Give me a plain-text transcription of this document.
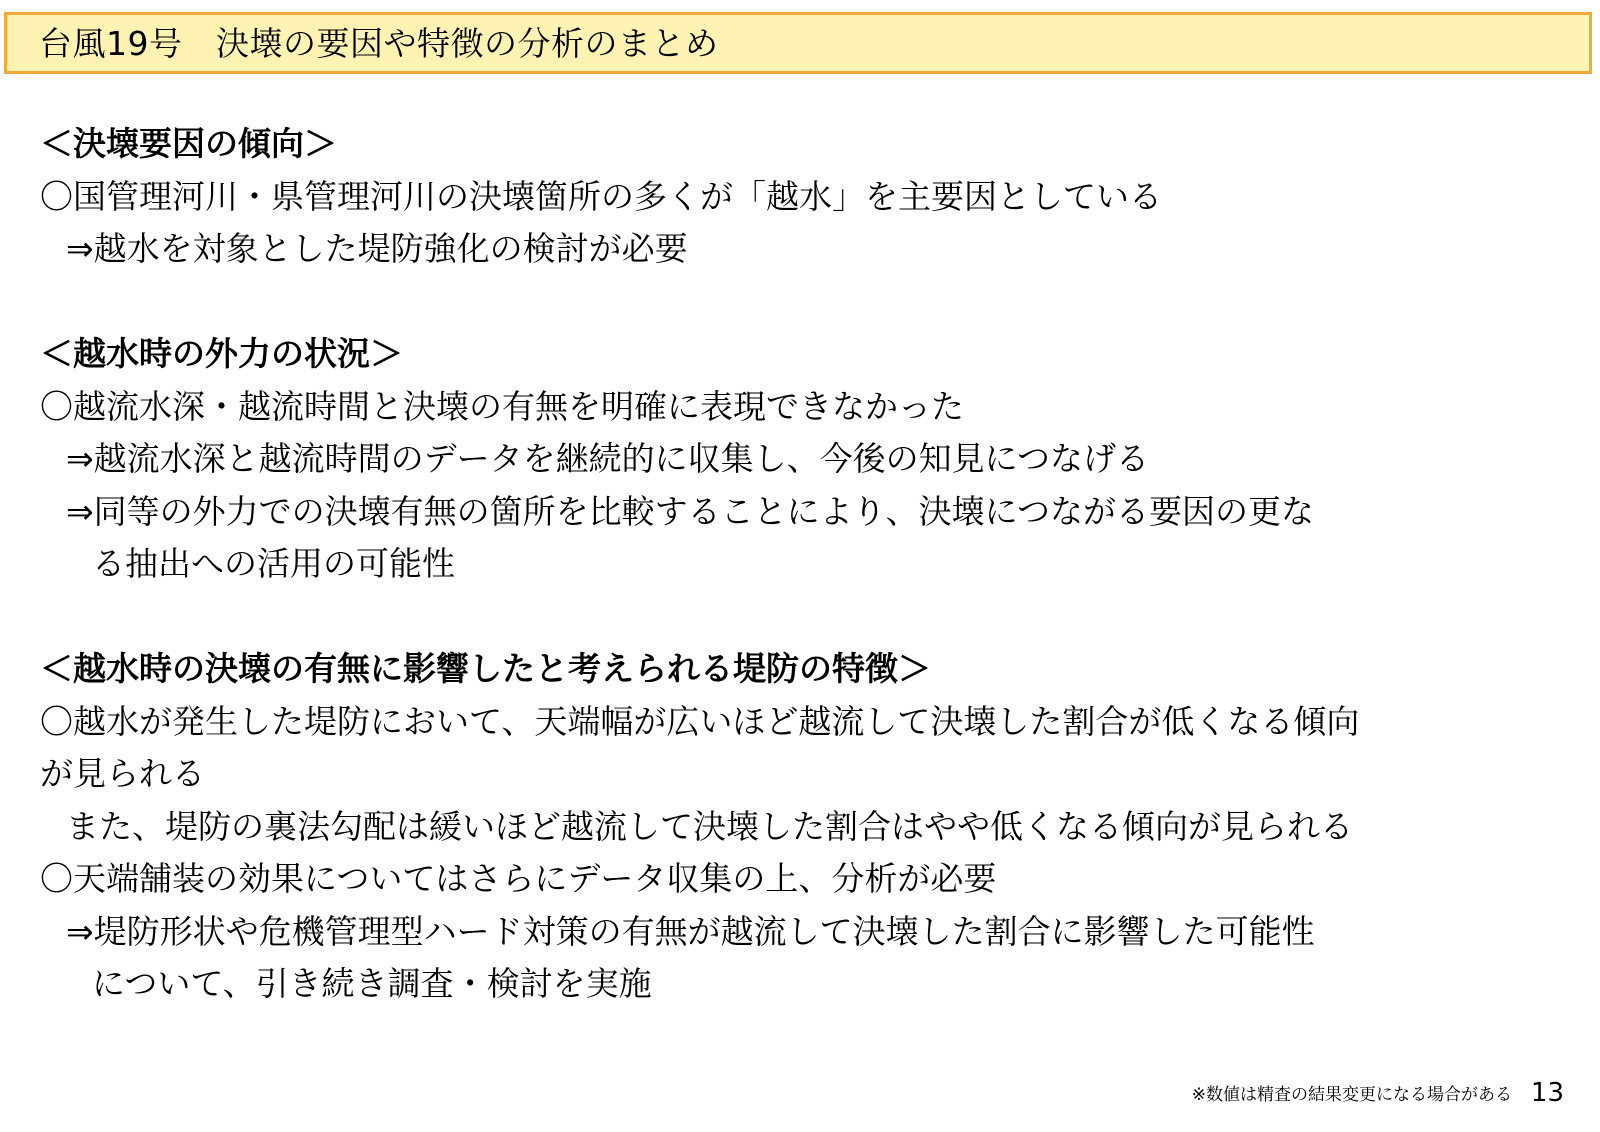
台風19号　決壊の要因や特徴の分析のまとめ
＜決壊要因の傾向＞
〇国管理河川・県管理河川の決壊箇所の多くが「越水」を主要因としている
⇒越水を対象とした堤防強化の検討が必要
＜越水時の外力の状況＞
〇越流水深・越流時間と決壊の有無を明確に表現できなかった
⇒越流水深と越流時間のデータを継続的に収集し、今後の知見につなげる
⇒同等の外力での決壊有無の箇所を比較することにより、決壊につながる要因の更な
る抽出への活用の可能性
＜越水時の決壊の有無に影響したと考えられる堤防の特徴＞
〇越水が発生した堤防において、天端幅が広いほど越流して決壊した割合が低くなる傾向
が見られる
また、堤防の裏法勾配は緩いほど越流して決壊した割合はやや低くなる傾向が見られる
〇天端舗装の効果についてはさらにデータ収集の上、分析が必要
⇒堤防形状や危機管理型ハード対策の有無が越流して決壊した割合に影響した可能性
について、引き続き調査・検討を実施
※数値は精査の結果変更になる場合がある 13
